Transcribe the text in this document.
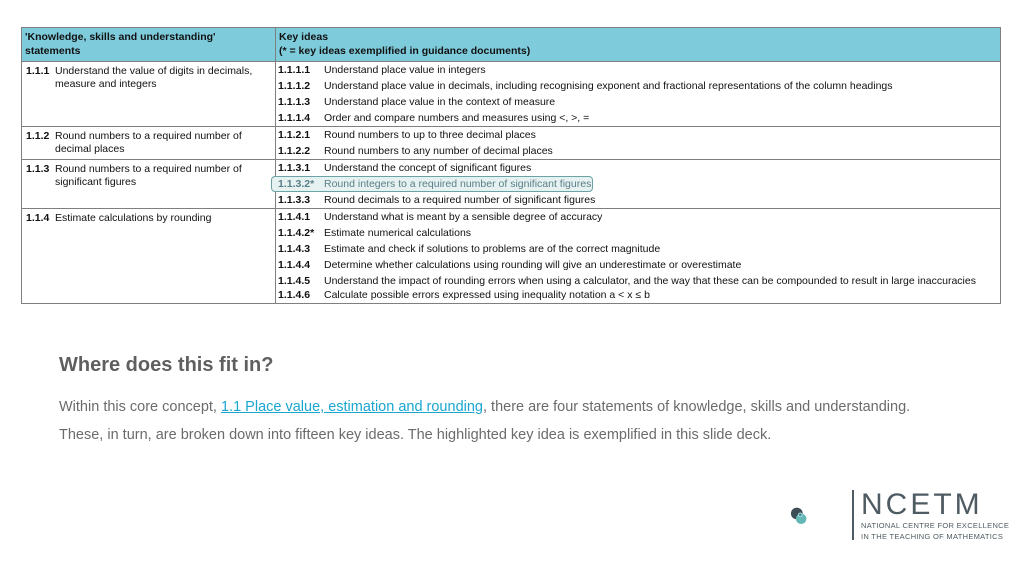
'Knowledge, skills and understanding' statements
Key ideas
(* = key ideas exemplified in guidance documents)
1.1.1 Understand the value of digits in decimals, measure and integers
1.1.1.1	Understand place value in integers
1.1.1.2	Understand place value in decimals, including recognising exponent and fractional representations of the column headings
1.1.1.3	Understand place value in the context of measure
1.1.1.4	Order and compare numbers and measures using <, >, =
1.1.2 Round numbers to a required number of decimal places
1.1.2.1	Round numbers to up to three decimal places
1.1.2.2	Round numbers to any number of decimal places
1.1.3 Round numbers to a required number of significant figures
1.1.3.1	Understand the concept of significant figures
1.1.3.2* Round integers to a required number of significant figures
1.1.3.3	Round decimals to a required number of significant figures
1.1.4 Estimate calculations by rounding	1.1.4.1	Understand what is meant by a sensible degree of accuracy
1.1.4.2* Estimate numerical calculations
1.1.4.3	Estimate and check if solutions to problems are of the correct magnitude
1.1.4.4	Determine whether calculations using rounding will give an underestimate or overestimate
1.1.4.5	Understand the impact of rounding errors when using a calculator, and the way that these can be compounded to result in large inaccuracies
1.1.4.6	Calculate possible errors expressed using inequality notation a < x ≤ b
Where does this fit in?

Within this core concept, 1.1 Place value, estimation and rounding, there are four statements of knowledge, skills and understanding.

These, in turn, are broken down into fifteen key ideas. The highlighted key idea is exemplified in this slide deck.

NCETM
NATIONAL CENTRE FOR EXCELLENCE
IN THE TEACHING OF MATHEMATICS
